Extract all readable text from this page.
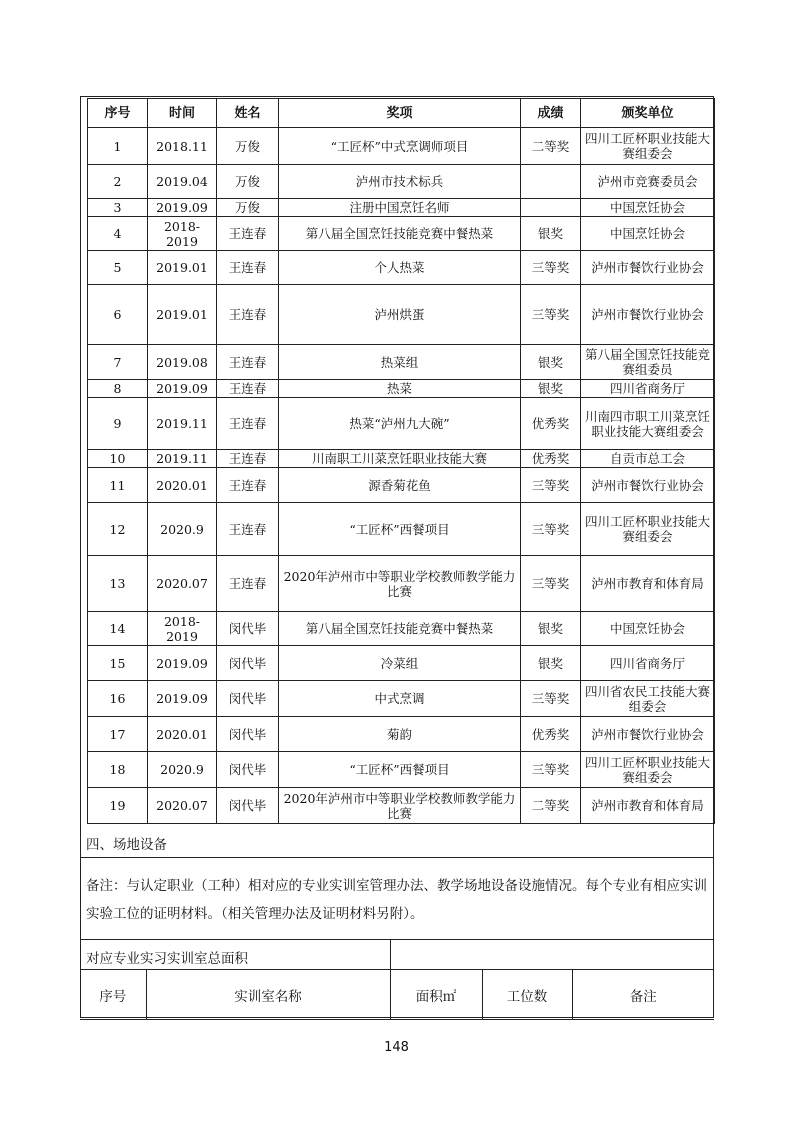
序号	时间	姓名	奖项	成绩	颁奖单位
1	2018.11	万俊	“工匠杯”中式烹调师项目	二等奖	四川工匠杯职业技能大赛组委会
2	2019.04	万俊	泸州市技术标兵		泸州市竞赛委员会
3	2019.09	万俊	注册中国烹饪名师		中国烹饪协会
4	2018-2019	王连春	第八届全国烹饪技能竞赛中餐热菜	银奖	中国烹饪协会
5	2019.01	王连春	个人热菜	三等奖	泸州市餐饮行业协会
6	2019.01	王连春	泸州烘蛋	三等奖	泸州市餐饮行业协会
7	2019.08	王连春	热菜组	银奖	第八届全国烹饪技能竞赛组委员
8	2019.09	王连春	热菜	银奖	四川省商务厅
9	2019.11	王连春	热菜“泸州九大碗”	优秀奖	川南四市职工川菜烹饪职业技能大赛组委会
10	2019.11	王连春	川南职工川菜烹饪职业技能大赛	优秀奖	自贡市总工会
11	2020.01	王连春	源香菊花鱼	三等奖	泸州市餐饮行业协会
12	2020.9	王连春	“工匠杯”西餐项目	三等奖	四川工匠杯职业技能大赛组委会
13	2020.07	王连春	2020年泸州市中等职业学校教师教学能力比赛	三等奖	泸州市教育和体育局
14	2018-2019	闵代毕	第八届全国烹饪技能竞赛中餐热菜	银奖	中国烹饪协会
15	2019.09	闵代毕	冷菜组	银奖	四川省商务厅
16	2019.09	闵代毕	中式烹调	三等奖	四川省农民工技能大赛组委会
17	2020.01	闵代毕	菊韵	优秀奖	泸州市餐饮行业协会
18	2020.9	闵代毕	“工匠杯”西餐项目	三等奖	四川工匠杯职业技能大赛组委会
19	2020.07	闵代毕	2020年泸州市中等职业学校教师教学能力比赛	二等奖	泸州市教育和体育局
四、场地设备
备注：与认定职业（工种）相对应的专业实训室管理办法、教学场地设备设施情况。每个专业有相应实训实验工位的证明材料。（相关管理办法及证明材料另附）。
对应专业实习实训室总面积
序号	实训室名称	面积㎡	工位数	备注
148
